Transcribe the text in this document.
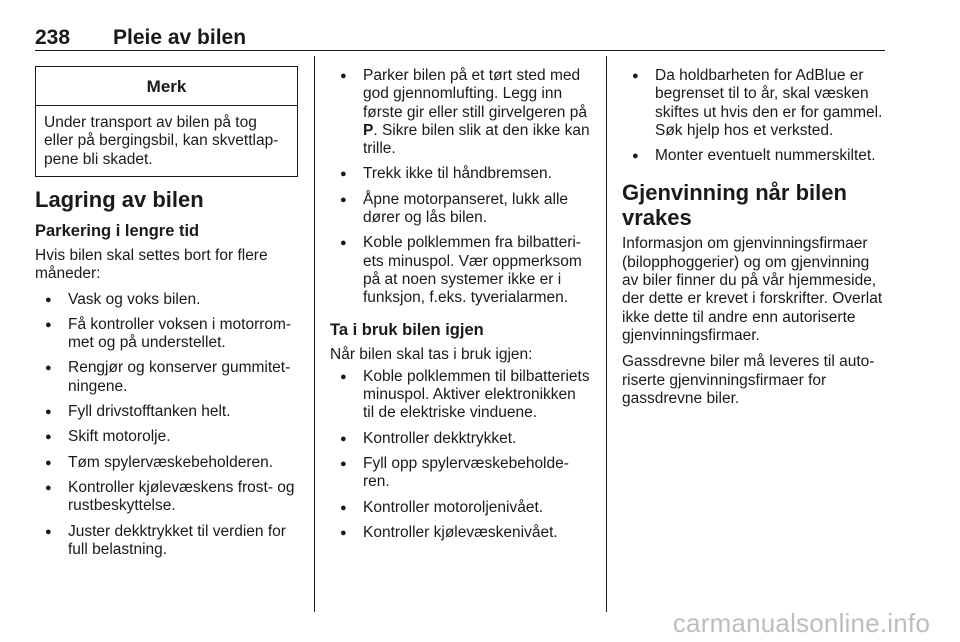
238 Pleie av bilen
Merk
Under transport av bilen på tog
eller på bergingsbil, kan skvettlap-
pene bli skadet.
Lagring av bilen
Parkering i lengre tid

Hvis bilen skal settes bort for flere
måneder:

● Vask og voks bilen.
● Få kontroller voksen i motorrom-
met og på understellet.
● Rengjør og konserver gummitet-
ningene.
● Fyll drivstofftanken helt.
● Skift motorolje.
● Tøm spylervæskebeholderen.
● Kontroller kjølevæskens frost- og
rustbeskyttelse.
● Juster dekktrykket til verdien for
full belastning.
● Parker bilen på et tørt sted med
god gjennomlufting. Legg inn
første gir eller still girvelgeren på
P. Sikre bilen slik at den ikke kan
trille.
● Trekk ikke til håndbremsen.
● Åpne motorpanseret, lukk alle
dører og lås bilen.
● Koble polklemmen fra bilbatteri-
ets minuspol. Vær oppmerksom
på at noen systemer ikke er i
funksjon, f.eks. tyverialarmen.
Ta i bruk bilen igjen

Når bilen skal tas i bruk igjen:

● Koble polklemmen til bilbatteriets
minuspol. Aktiver elektronikken
til de elektriske vinduene.
● Kontroller dekktrykket.
● Fyll opp spylervæskebeholde-
ren.
● Kontroller motoroljenivået.
● Kontroller kjølevæskenivået.
● Da holdbarheten for AdBlue er
begrenset til to år, skal væsken
skiftes ut hvis den er for gammel.
Søk hjelp hos et verksted.
● Monter eventuelt nummerskiltet.
Gjenvinning når bilen
vrakes

Informasjon om gjenvinningsfirmaer
(bilopphoggerier) og om gjenvinning
av biler finner du på vår hjemmeside,
der dette er krevet i forskrifter. Overlat
ikke dette til andre enn autoriserte
gjenvinningsfirmaer.

Gassdrevne biler må leveres til auto-
riserte gjenvinningsfirmaer for
gassdrevne biler.

carmanualsonline.info
